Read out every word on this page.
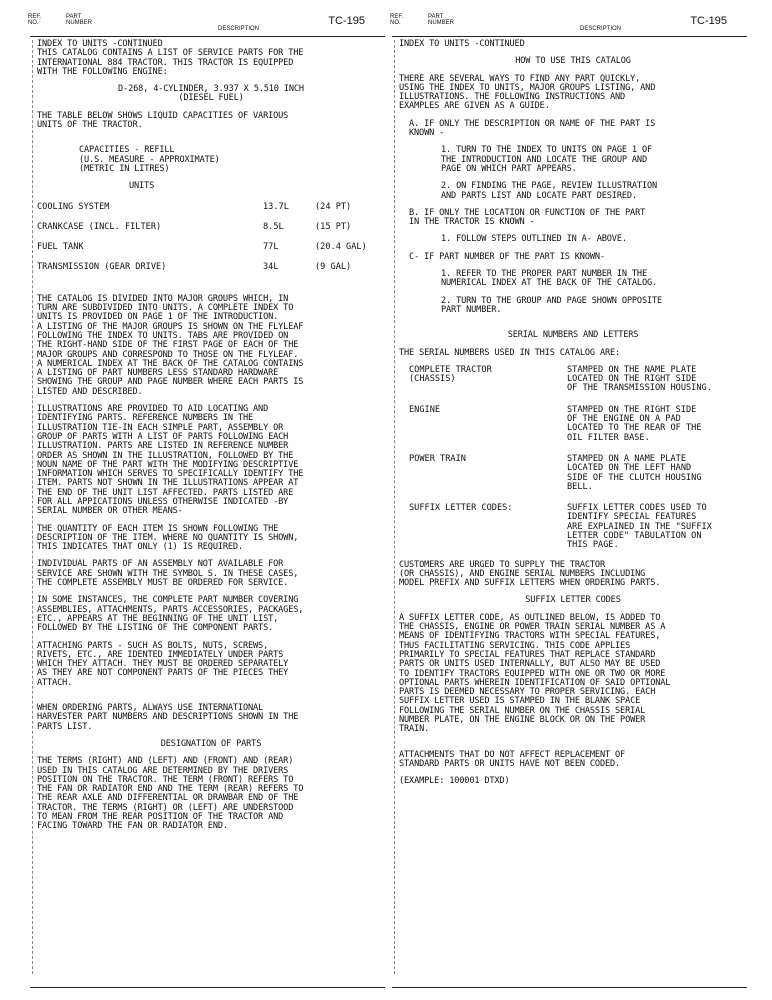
REF.
NO.
PART
NUMBER
DESCRIPTION
TC-195

INDEX TO UNITS -CONTINUED

THIS CATALOG CONTAINS A LIST OF SERVICE PARTS FOR THE
INTERNATIONAL 884 TRACTOR. THIS TRACTOR IS EQUIPPED
WITH THE FOLLOWING ENGINE:

D-268, 4-CYLINDER, 3.937 X 5.510 INCH
(DIESEL FUEL)

THE TABLE BELOW SHOWS LIQUID CAPACITIES OF VARIOUS
UNITS OF THE TRACTOR.

CAPACITIES - REFILL
(U.S. MEASURE - APPROXIMATE)
(METRIC IN LITRES)

UNITS

COOLING SYSTEM	13.7L	(24 PT)
CRANKCASE (INCL. FILTER)	8.5L	(15 PT)
FUEL TANK	77L	(20.4 GAL)
TRANSMISSION (GEAR DRIVE)	34L	(9 GAL)

THE CATALOG IS DIVIDED INTO MAJOR GROUPS WHICH, IN
TURN ARE SUBDIVIDED INTO UNITS. A COMPLETE INDEX TO
UNITS IS PROVIDED ON PAGE 1 OF THE INTRODUCTION.
A LISTING OF THE MAJOR GROUPS IS SHOWN ON THE FLYLEAF
FOLLOWING THE INDEX TO UNITS. TABS ARE PROVIDED ON
THE RIGHT-HAND SIDE OF THE FIRST PAGE OF EACH OF THE
MAJOR GROUPS AND CORRESPOND TO THOSE ON THE FLYLEAF.
A NUMERICAL INDEX AT THE BACK OF THE CATALOG CONTAINS
A LISTING OF PART NUMBERS LESS STANDARD HARDWARE
SHOWING THE GROUP AND PAGE NUMBER WHERE EACH PARTS IS
LISTED AND DESCRIBED.

ILLUSTRATIONS ARE PROVIDED TO AID LOCATING AND
IDENTIFYING PARTS. REFERENCE NUMBERS IN THE
ILLUSTRATION TIE-IN EACH SIMPLE PART, ASSEMBLY OR
GROUP OF PARTS WITH A LIST OF PARTS FOLLOWING EACH
ILLUSTRATION. PARTS ARE LISTED IN REFERENCE NUMBER
ORDER AS SHOWN IN THE ILLUSTRATION, FOLLOWED BY THE
NOUN NAME OF THE PART WITH THE MODIFYING DESCRIPTIVE
INFORMATION WHICH SERVES TO SPECIFICALLY IDENTIFY THE
ITEM. PARTS NOT SHOWN IN THE ILLUSTRATIONS APPEAR AT
THE END OF THE UNIT LIST AFFECTED. PARTS LISTED ARE
FOR ALL APPICATIONS UNLESS OTHERWISE INDICATED -BY
SERIAL NUMBER OR OTHER MEANS-

THE QUANTITY OF EACH ITEM IS SHOWN FOLLOWING THE
DESCRIPTION OF THE ITEM. WHERE NO QUANTITY IS SHOWN,
THIS INDICATES THAT ONLY (1) IS REQUIRED.

INDIVIDUAL PARTS OF AN ASSEMBLY NOT AVAILABLE FOR
SERVICE ARE SHOWN WITH THE SYMBOL S. IN THESE CASES,
THE COMPLETE ASSEMBLY MUST BE ORDERED FOR SERVICE.

IN SOME INSTANCES, THE COMPLETE PART NUMBER COVERING
ASSEMBLIES, ATTACHMENTS, PARTS ACCESSORIES, PACKAGES,
ETC., APPEARS AT THE BEGINNING OF THE UNIT LIST,
FOLLOWED BY THE LISTING OF THE COMPONENT PARTS.

ATTACHING PARTS - SUCH AS BOLTS, NUTS, SCREWS,
RIVETS, ETC., ARE IDENTED IMMEDIATELY UNDER PARTS
WHICH THEY ATTACH. THEY MUST BE ORDERED SEPARATELY
AS THEY ARE NOT COMPONENT PARTS OF THE PIECES THEY
ATTACH.

WHEN ORDERING PARTS, ALWAYS USE INTERNATIONAL
HARVESTER PART NUMBERS AND DESCRIPTIONS SHOWN IN THE
PARTS LIST.

DESIGNATION OF PARTS

THE TERMS (RIGHT) AND (LEFT) AND (FRONT) AND (REAR)
USED IN THIS CATALOG ARE DETERMINED BY THE DRIVERS
POSITION ON THE TRACTOR. THE TERM (FRONT) REFERS TO
THE FAN OR RADIATOR END AND THE TERM (REAR) REFERS TO
THE REAR AXLE AND DIFFERENTIAL OR DRAWBAR END OF THE
TRACTOR. THE TERMS (RIGHT) OR (LEFT) ARE UNDERSTOOD
TO MEAN FROM THE REAR POSITION OF THE TRACTOR AND
FACING TOWARD THE FAN OR RADIATOR END.

REF.
NO.
PART
NUMBER
DESCRIPTION
TC-195

INDEX TO UNITS -CONTINUED

HOW TO USE THIS CATALOG

THERE ARE SEVERAL WAYS TO FIND ANY PART QUICKLY,
USING THE INDEX TO UNITS, MAJOR GROUPS LISTING, AND
ILLUSTRATIONS. THE FOLLOWING INSTRUCTIONS AND
EXAMPLES ARE GIVEN AS A GUIDE.

A. IF ONLY THE DESCRIPTION OR NAME OF THE PART IS
KNOWN -

1. TURN TO THE INDEX TO UNITS ON PAGE 1 OF
THE INTRODUCTION AND LOCATE THE GROUP AND
PAGE ON WHICH PART APPEARS.

2. ON FINDING THE PAGE, REVIEW ILLUSTRATION
AND PARTS LIST AND LOCATE PART DESIRED.

B. IF ONLY THE LOCATION OR FUNCTION OF THE PART
IN THE TRACTOR IS KNOWN -

1. FOLLOW STEPS OUTLINED IN A- ABOVE.

C- IF PART NUMBER OF THE PART IS KNOWN-

1. REFER TO THE PROPER PART NUMBER IN THE
NUMERICAL INDEX AT THE BACK OF THE CATALOG.

2. TURN TO THE GROUP AND PAGE SHOWN OPPOSITE
PART NUMBER.

SERIAL NUMBERS AND LETTERS

THE SERIAL NUMBERS USED IN THIS CATALOG ARE:

COMPLETE TRACTOR
(CHASSIS)	STAMPED ON THE NAME PLATE
LOCATED ON THE RIGHT SIDE
OF THE TRANSMISSION HOUSING.
ENGINE	STAMPED ON THE RIGHT SIDE
OF THE ENGINE ON A PAD
LOCATED TO THE REAR OF THE
OIL FILTER BASE.
POWER TRAIN	STAMPED ON A NAME PLATE
LOCATED ON THE LEFT HAND
SIDE OF THE CLUTCH HOUSING
BELL.
SUFFIX LETTER CODES:	SUFFIX LETTER CODES USED TO
IDENTIFY SPECIAL FEATURES
ARE EXPLAINED IN THE "SUFFIX
LETTER CODE" TABULATION ON
THIS PAGE.

CUSTOMERS ARE URGED TO SUPPLY THE TRACTOR
(OR CHASSIS), AND ENGINE SERIAL NUMBERS INCLUDING
MODEL PREFIX AND SUFFIX LETTERS WHEN ORDERING PARTS.

SUFFIX LETTER CODES

A SUFFIX LETTER CODE, AS OUTLINED BELOW, IS ADDED TO
THE CHASSIS, ENGINE OR POWER TRAIN SERIAL NUMBER AS A
MEANS OF IDENTIFYING TRACTORS WITH SPECIAL FEATURES,
THUS FACILITATING SERVICING. THIS CODE APPLIES
PRIMARILY TO SPECIAL FEATURES THAT REPLACE STANDARD
PARTS OR UNITS USED INTERNALLY, BUT ALSO MAY BE USED
TO IDENTIFY TRACTORS EQUIPPED WITH ONE OR TWO OR MORE
OPTIONAL PARTS WHEREIN IDENTIFICATION OF SAID OPTIONAL
PARTS IS DEEMED NECESSARY TO PROPER SERVICING. EACH
SUFFIX LETTER USED IS STAMPED IN THE BLANK SPACE
FOLLOWING THE SERIAL NUMBER ON THE CHASSIS SERIAL
NUMBER PLATE, ON THE ENGINE BLOCK OR ON THE POWER
TRAIN.

ATTACHMENTS THAT DO NOT AFFECT REPLACEMENT OF
STANDARD PARTS OR UNITS HAVE NOT BEEN CODED.

(EXAMPLE: 100001 DTXD)
